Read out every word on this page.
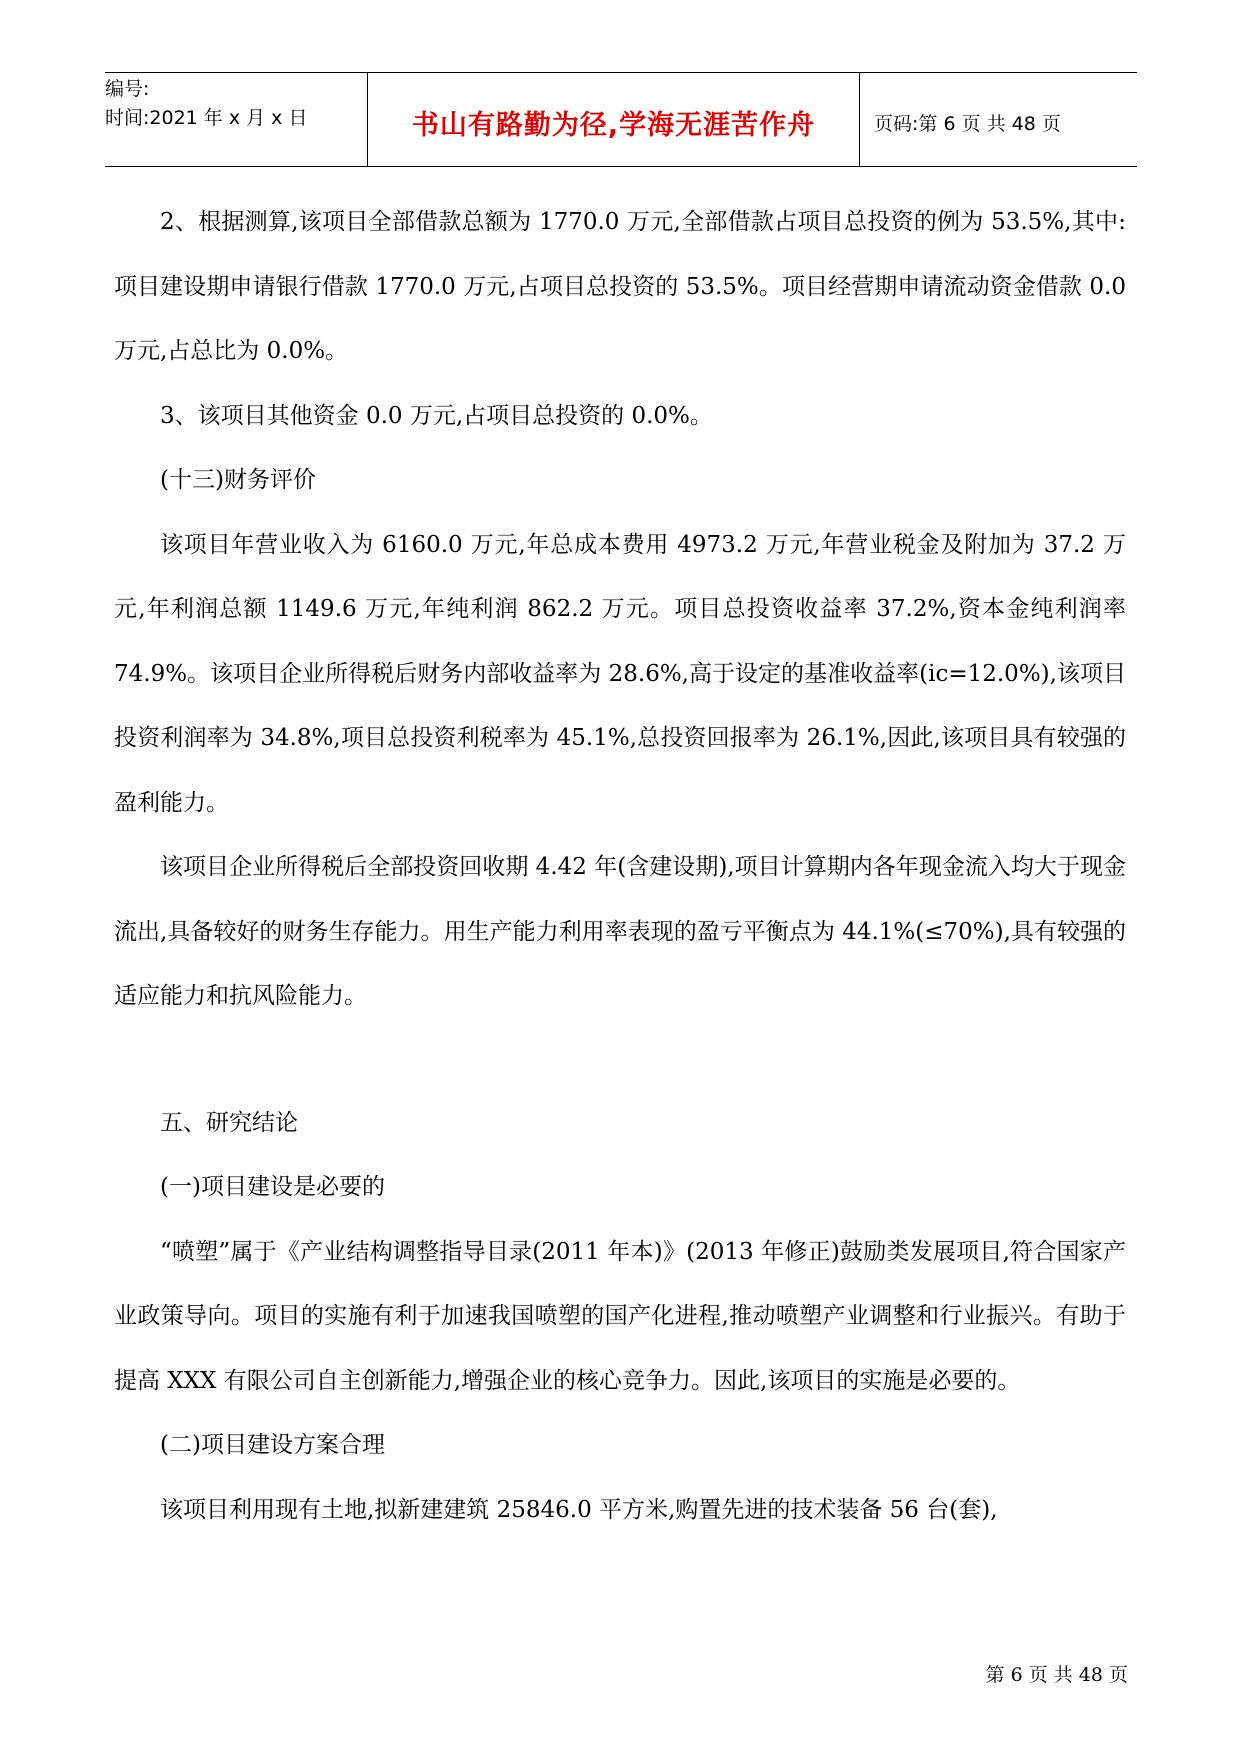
编号:
时间:2021 年 x 月 x 日	书山有路勤为径,学海无涯苦作舟	页码:第 6 页 共 48 页

2、根据测算,该项目全部借款总额为 1770.0 万元,全部借款占项目总投资的例为 53.5%,其中:项目建设期申请银行借款 1770.0 万元,占项目总投资的 53.5%。项目经营期申请流动资金借款 0.0 万元,占总比为 0.0%。

3、该项目其他资金 0.0 万元,占项目总投资的 0.0%。

(十三)财务评价

该项目年营业收入为 6160.0 万元,年总成本费用 4973.2 万元,年营业税金及附加为 37.2 万元,年利润总额 1149.6 万元,年纯利润 862.2 万元。项目总投资收益率 37.2%,资本金纯利润率 74.9%。该项目企业所得税后财务内部收益率为 28.6%,高于设定的基准收益率(ic=12.0%),该项目投资利润率为 34.8%,项目总投资利税率为 45.1%,总投资回报率为 26.1%,因此,该项目具有较强的盈利能力。

该项目企业所得税后全部投资回收期 4.42 年(含建设期),项目计算期内各年现金流入均大于现金流出,具备较好的财务生存能力。用生产能力利用率表现的盈亏平衡点为 44.1%(≤70%),具有较强的适应能力和抗风险能力。

五、研究结论

(一)项目建设是必要的

“喷塑”属于《产业结构调整指导目录(2011 年本)》(2013 年修正)鼓励类发展项目,符合国家产业政策导向。项目的实施有利于加速我国喷塑的国产化进程,推动喷塑产业调整和行业振兴。有助于提高 XXX 有限公司自主创新能力,增强企业的核心竞争力。因此,该项目的实施是必要的。

(二)项目建设方案合理

该项目利用现有土地,拟新建建筑 25846.0 平方米,购置先进的技术装备 56 台(套),

第 6 页 共 48 页
